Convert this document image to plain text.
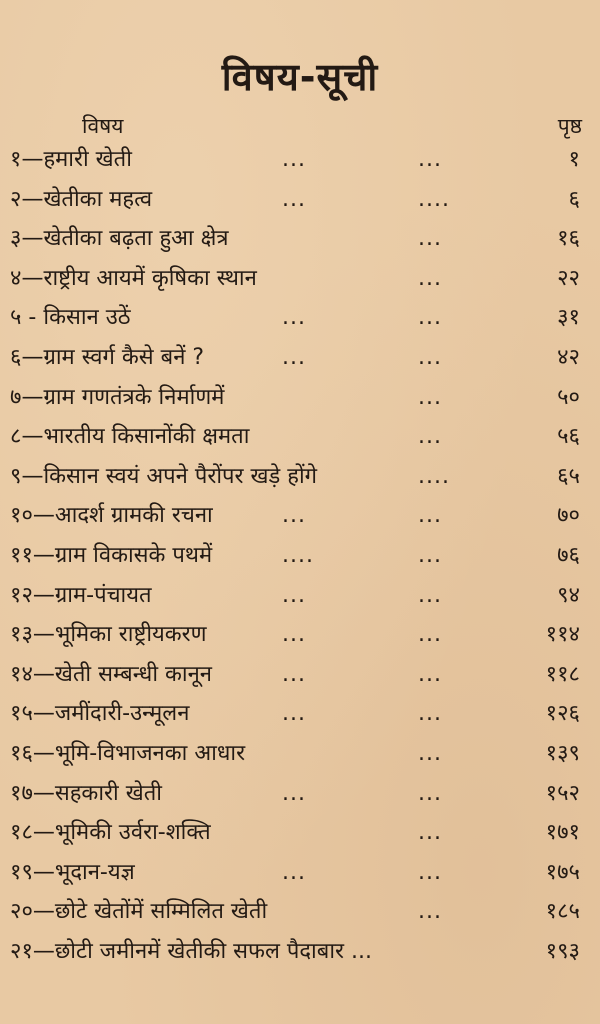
विषय-सूची
विषय	पृष्ठ
१—हमारी खेती	...	...	१
२—खेतीका महत्व	...	....	६
३—खेतीका बढ़ता हुआ क्षेत्र	...	१६
४—राष्ट्रीय आयमें कृषिका स्थान	...	२२
५ - किसान उठें	...	...	३१
६—ग्राम स्वर्ग कैसे बनें ?	...	...	४२
७—ग्राम गणतंत्रके निर्माणमें	...	५०
८—भारतीय किसानोंकी क्षमता	...	५६
९—किसान स्वयं अपने पैरोंपर खड़े होंगे	....	६५
१०—आदर्श ग्रामकी रचना	...	...	७०
११—ग्राम विकासके पथमें	....	...	७६
१२—ग्राम-पंचायत	...	...	९४
१३—भूमिका राष्ट्रीयकरण	...	...	११४
१४—खेती सम्बन्धी कानून	...	...	११८
१५—जमींदारी-उन्मूलन	...	...	१२६
१६—भूमि-विभाजनका आधार	...	१३९
१७—सहकारी खेती	...	...	१५२
१८—भूमिकी उर्वरा-शक्ति	...	१७१
१९—भूदान-यज्ञ	...	...	१७५
२०—छोटे खेतोंमें सम्मिलित खेती	...	१८५
२१—छोटी जमीनमें खेतीकी सफल पैदाबार ...	१९३
